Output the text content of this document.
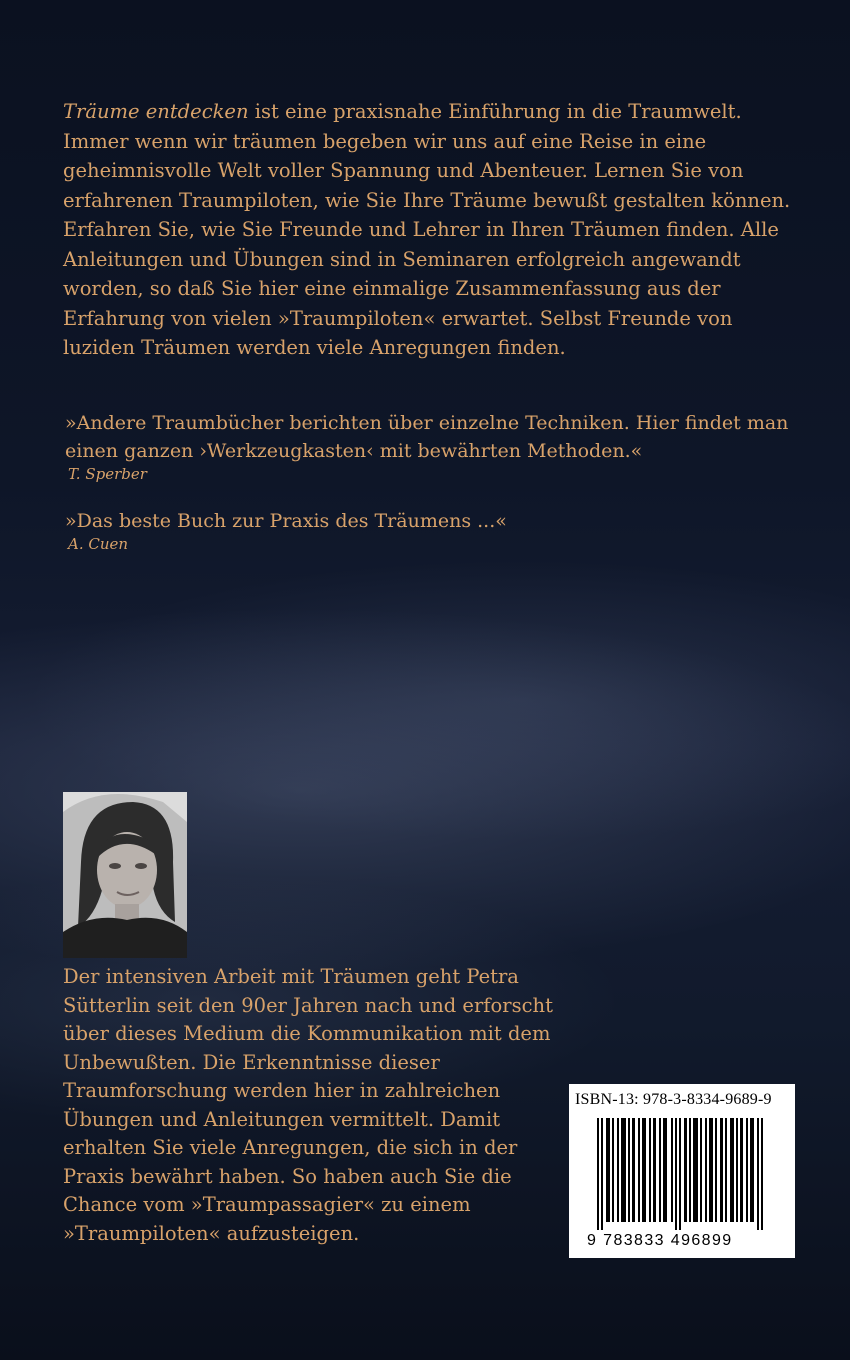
Träume entdecken ist eine praxisnahe Einführung in die Traumwelt. Immer wenn wir träumen begeben wir uns auf eine Reise in eine geheimnisvolle Welt voller Spannung und Abenteuer. Lernen Sie von erfahrenen Traumpiloten, wie Sie Ihre Träume bewußt gestalten können. Erfahren Sie, wie Sie Freunde und Lehrer in Ihren Träumen finden. Alle Anleitungen und Übungen sind in Seminaren erfolgreich angewandt worden, so daß Sie hier eine einmalige Zusammenfassung aus der Erfahrung von vielen »Traumpiloten« erwartet. Selbst Freunde von luziden Träumen werden viele Anregungen finden.

»Andere Traumbücher berichten über einzelne Techniken. Hier findet man einen ganzen ›Werkzeugkasten‹ mit bewährten Methoden.«
T. Sperber

»Das beste Buch zur Praxis des Träumens ...«
A. Cuen

Der intensiven Arbeit mit Träumen geht Petra Sütterlin seit den 90er Jahren nach und erforscht über dieses Medium die Kommunikation mit dem Unbewußten. Die Erkenntnisse dieser Traumforschung werden hier in zahlreichen Übungen und Anleitungen vermittelt. Damit erhalten Sie viele Anregungen, die sich in der Praxis bewährt haben. So haben auch Sie die Chance vom »Traumpassagier« zu einem »Traumpiloten« aufzusteigen.

ISBN-13: 978-3-8334-9689-9
9 783833 496899
